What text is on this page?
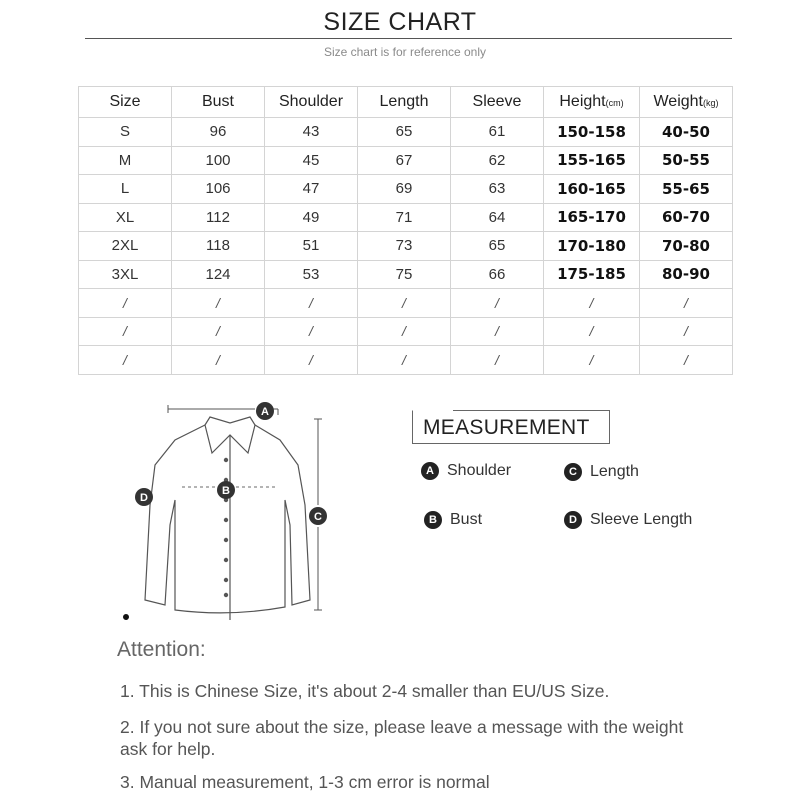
SIZE CHART
Size chart is for reference only
Size	Bust	Shoulder	Length	Sleeve	Height(cm)	Weight(kg)
S	96	43	65	61	150-158	40-50
M	100	45	67	62	155-165	50-55
L	106	47	69	63	160-165	55-65
XL	112	49	71	64	165-170	60-70
2XL	118	51	73	65	170-180	70-80
3XL	124	53	75	66	175-185	80-90
/	/	/	/	/	/	/
/	/	/	/	/	/	/
/	/	/	/	/	/	/
A
B
C
D
MEASUREMENT
A Shoulder	C Length
B Bust	D Sleeve Length
Attention:
1. This is Chinese Size, it's about 2-4 smaller than EU/US Size.
2. If you not sure about the size, please leave a message with the weight ask for help.
3. Manual measurement, 1-3 cm error is normal
